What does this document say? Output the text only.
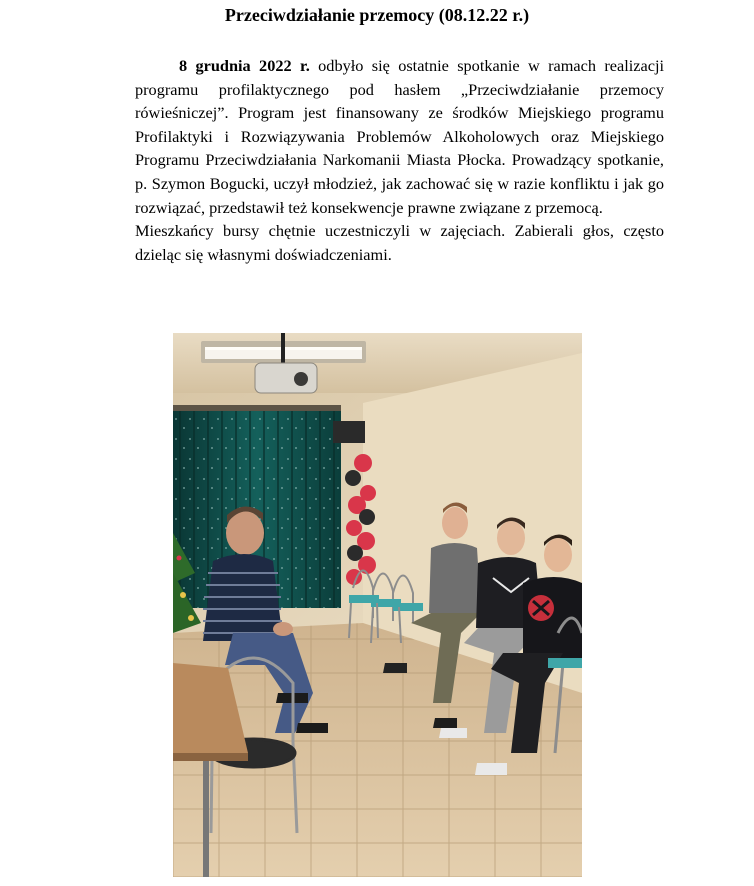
Przeciwdziałanie przemocy (08.12.22 r.)

8 grudnia 2022 r. odbyło się ostatnie spotkanie w ramach realizacji programu profilaktycznego pod hasłem „Przeciwdziałanie przemocy rówieśniczej”. Program jest finansowany ze środków Miejskiego programu Profilaktyki i Rozwiązywania Problemów Alkoholowych oraz Miejskiego Programu Przeciwdziałania Narkomanii Miasta Płocka. Prowadzący spotkanie, p. Szymon Bogucki, uczył młodzież, jak zachować się w razie konfliktu i jak go rozwiązać, przedstawił też konsekwencje prawne związane z przemocą.

Mieszkańcy bursy chętnie uczestniczyli w zajęciach. Zabierali głos, często dzieląc się własnymi doświadczeniami.
